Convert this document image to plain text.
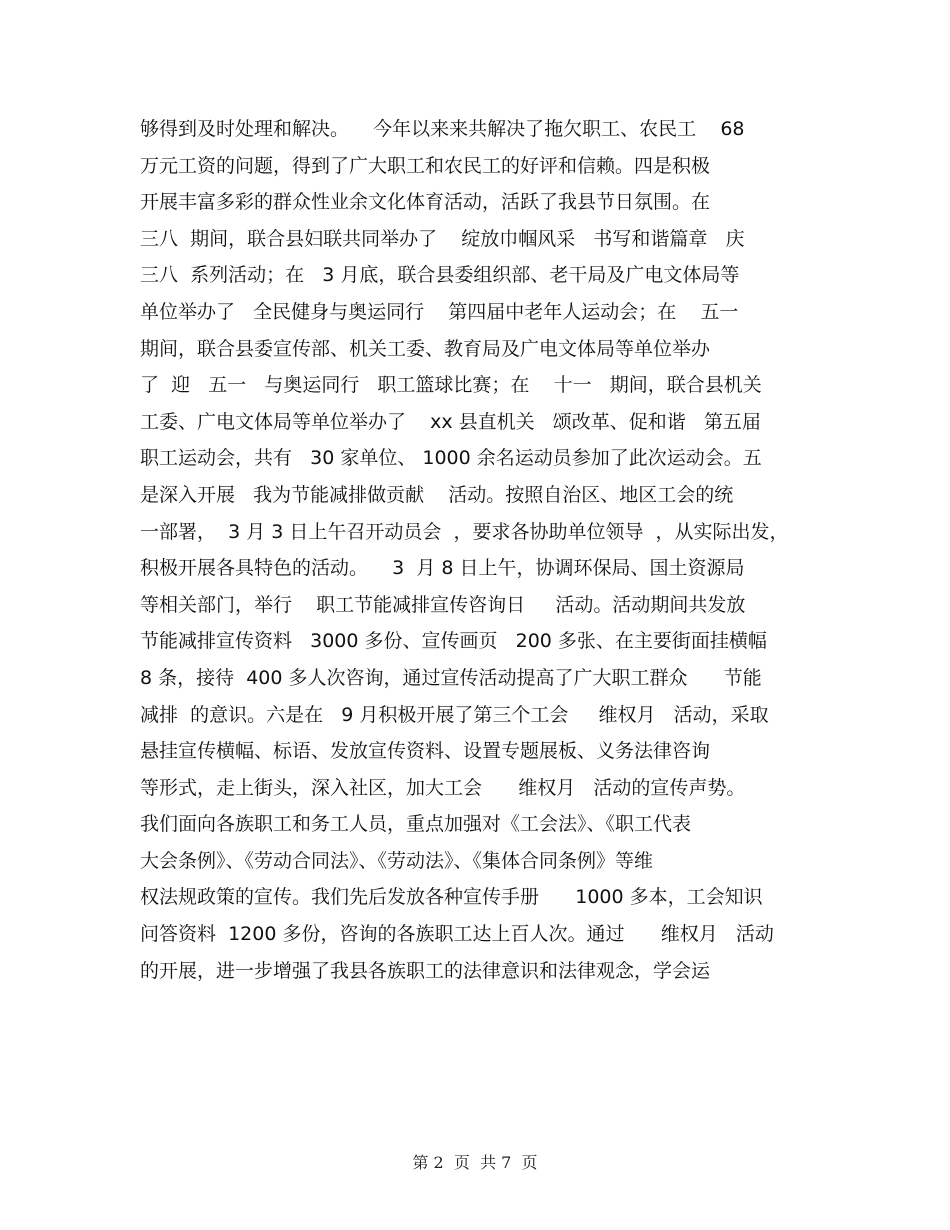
够得到及时处理和解决。    今年以来来共解决了拖欠职工、农民工    68
万元工资的问题，得到了广大职工和农民工的好评和信赖。四是积极
开展丰富多彩的群众性业余文化体育活动，活跃了我县节日氛围。在
三八  期间，联合县妇联共同举办了    绽放巾帼风采   书写和谐篇章   庆
三八  系列活动；在   3 月底，联合县委组织部、老干局及广电文体局等
单位举办了   全民健身与奥运同行    第四届中老年人运动会；在    五一
期间，联合县委宣传部、机关工委、教育局及广电文体局等单位举办
了  迎   五一   与奥运同行   职工篮球比赛；在    十一   期间，联合县机关
工委、广电文体局等单位举办了    xx 县直机关   颂改革、促和谐   第五届
职工运动会，共有   30 家单位、 1000 余名运动员参加了此次运动会。五
是深入开展   我为节能减排做贡献    活动。按照自治区、地区工会的统
一部署，  3 月 3 日上午召开动员会  ，要求各协助单位领导  ，从实际出发，
积极开展各具特色的活动。    3  月 8 日上午，协调环保局、国土资源局
等相关部门，举行    职工节能减排宣传咨询日     活动。活动期间共发放
节能减排宣传资料   3000 多份、宣传画页   200 多张、在主要街面挂横幅
8 条，接待  400 多人次咨询，通过宣传活动提高了广大职工群众      节能
减排  的意识。六是在   9 月积极开展了第三个工会     维权月   活动，采取
悬挂宣传横幅、标语、发放宣传资料、设置专题展板、义务法律咨询
等形式，走上街头，深入社区，加大工会      维权月   活动的宣传声势。
我们面向各族职工和务工人员，重点加强对《工会法》、《职工代表
大会条例》、《劳动合同法》、《劳动法》、《集体合同条例》等维
权法规政策的宣传。我们先后发放各种宣传手册      1000 多本，工会知识
问答资料  1200 多份，咨询的各族职工达上百人次。通过      维权月   活动
的开展，进一步增强了我县各族职工的法律意识和法律观念，学会运
第 2  页  共 7  页
